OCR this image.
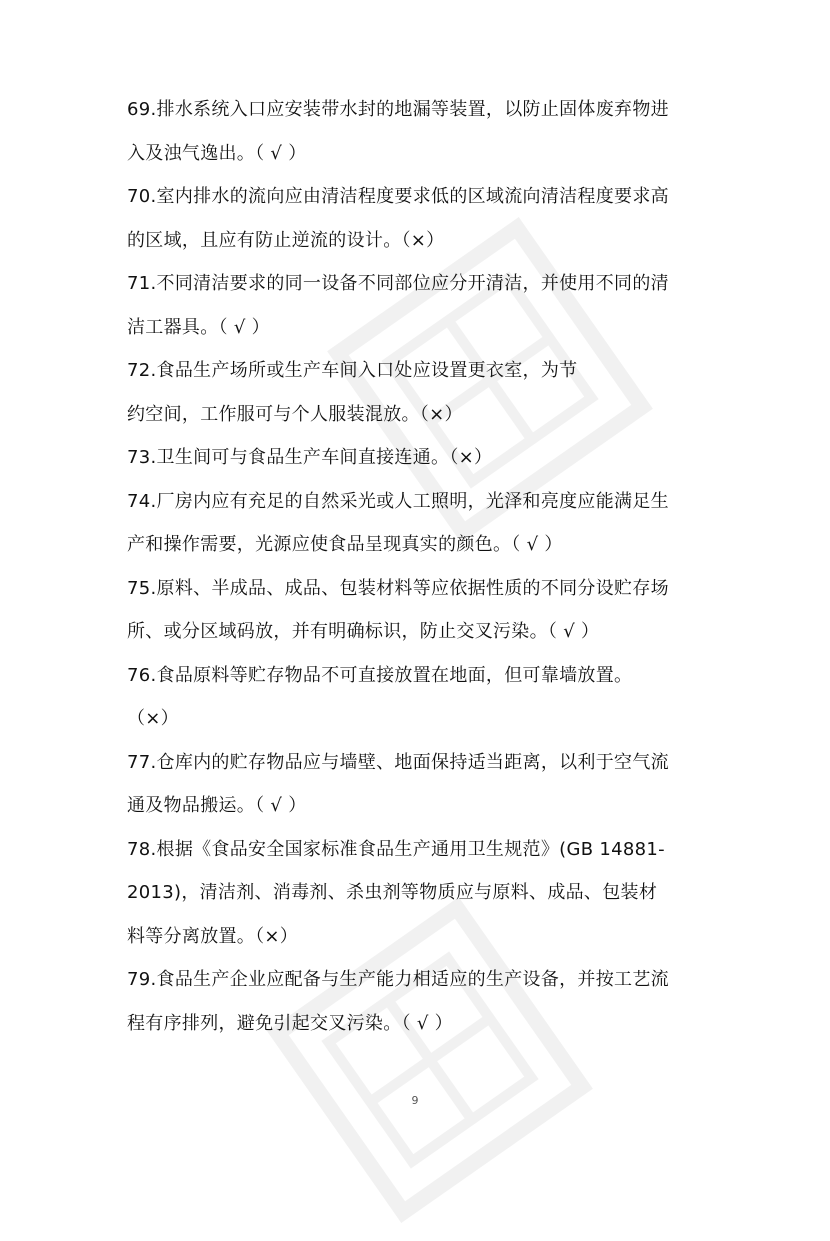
69.排水系统入口应安装带水封的地漏等装置，以防止固体废弃物进
入及浊气逸出。（ √ ）
70.室内排水的流向应由清洁程度要求低的区域流向清洁程度要求高
的区域，且应有防止逆流的设计。（×）
71.不同清洁要求的同一设备不同部位应分开清洁，并使用不同的清
洁工器具。（ √ ）
72.食品生产场所或生产车间入口处应设置更衣室，为节
约空间，工作服可与个人服装混放。（×）
73.卫生间可与食品生产车间直接连通。（×）
74.厂房内应有充足的自然采光或人工照明，光泽和亮度应能满足生
产和操作需要，光源应使食品呈现真实的颜色。（ √ ）
75.原料、半成品、成品、包装材料等应依据性质的不同分设贮存场
所、或分区域码放，并有明确标识，防止交叉污染。（ √ ）
76.食品原料等贮存物品不可直接放置在地面，但可靠墙放置。
（×）
77.仓库内的贮存物品应与墙壁、地面保持适当距离，以利于空气流
通及物品搬运。（ √ ）
78.根据《食品安全国家标准食品生产通用卫生规范》(GB 14881-
2013)，清洁剂、消毒剂、杀虫剂等物质应与原料、成品、包装材
料等分离放置。（×）
79.食品生产企业应配备与生产能力相适应的生产设备，并按工艺流
程有序排列，避免引起交叉污染。（ √ ）
9
